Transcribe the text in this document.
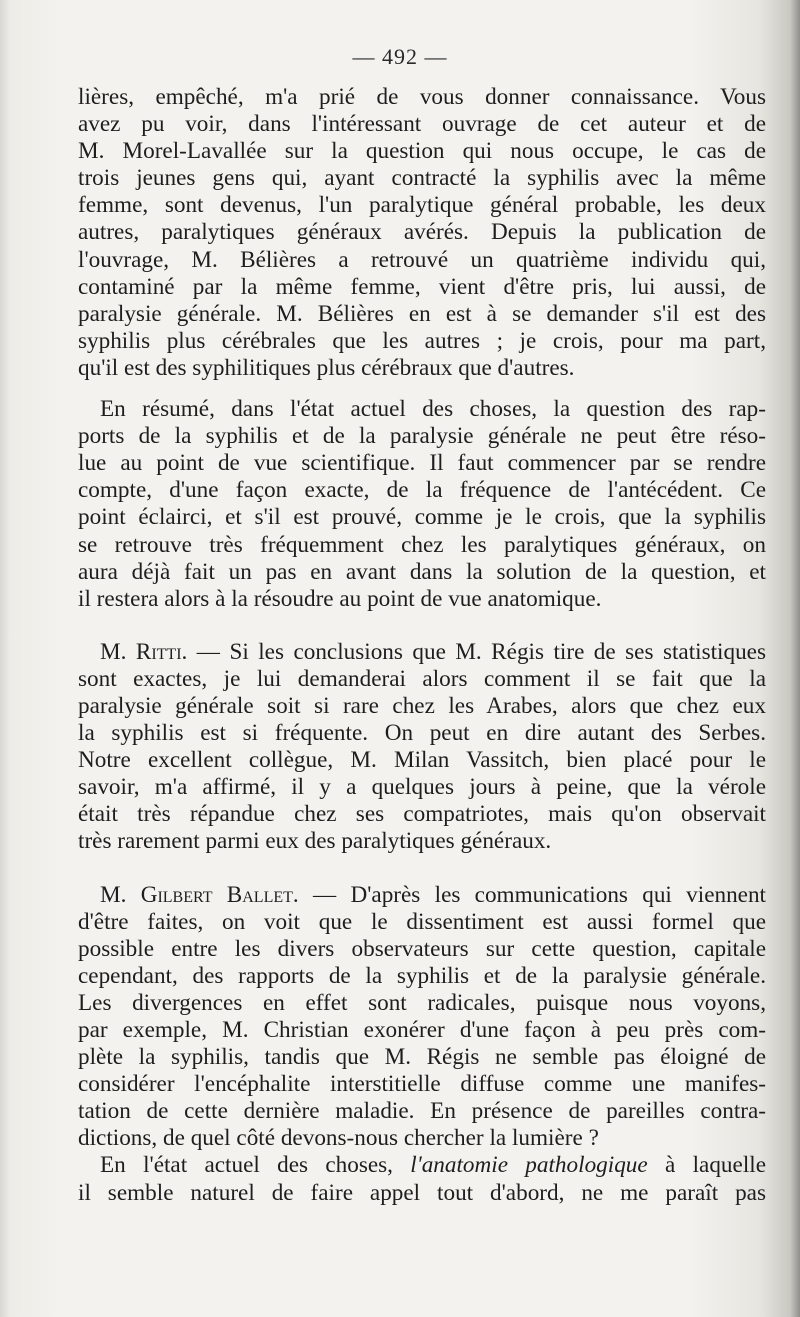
— 492 —
lières, empêché, m'a prié de vous donner connaissance. Vous
avez pu voir, dans l'intéressant ouvrage de cet auteur et de
M. Morel-Lavallée sur la question qui nous occupe, le cas de
trois jeunes gens qui, ayant contracté la syphilis avec la même
femme, sont devenus, l'un paralytique général probable, les deux
autres, paralytiques généraux avérés. Depuis la publication de
l'ouvrage, M. Bélières a retrouvé un quatrième individu qui,
contaminé par la même femme, vient d'être pris, lui aussi, de
paralysie générale. M. Bélières en est à se demander s'il est des
syphilis plus cérébrales que les autres ; je crois, pour ma part,
qu'il est des syphilitiques plus cérébraux que d'autres.
En résumé, dans l'état actuel des choses, la question des rap-
ports de la syphilis et de la paralysie générale ne peut être réso-
lue au point de vue scientifique. Il faut commencer par se rendre
compte, d'une façon exacte, de la fréquence de l'antécédent. Ce
point éclairci, et s'il est prouvé, comme je le crois, que la syphilis
se retrouve très fréquemment chez les paralytiques généraux, on
aura déjà fait un pas en avant dans la solution de la question, et
il restera alors à la résoudre au point de vue anatomique.
M. Ritti. — Si les conclusions que M. Régis tire de ses statistiques
sont exactes, je lui demanderai alors comment il se fait que la
paralysie générale soit si rare chez les Arabes, alors que chez eux
la syphilis est si fréquente. On peut en dire autant des Serbes.
Notre excellent collègue, M. Milan Vassitch, bien placé pour le
savoir, m'a affirmé, il y a quelques jours à peine, que la vérole
était très répandue chez ses compatriotes, mais qu'on observait
très rarement parmi eux des paralytiques généraux.
M. Gilbert Ballet. — D'après les communications qui viennent
d'être faites, on voit que le dissentiment est aussi formel que
possible entre les divers observateurs sur cette question, capitale
cependant, des rapports de la syphilis et de la paralysie générale.
Les divergences en effet sont radicales, puisque nous voyons,
par exemple, M. Christian exonérer d'une façon à peu près com-
plète la syphilis, tandis que M. Régis ne semble pas éloigné de
considérer l'encéphalite interstitielle diffuse comme une manifes-
tation de cette dernière maladie. En présence de pareilles contra-
dictions, de quel côté devons-nous chercher la lumière ?
En l'état actuel des choses, l'anatomie pathologique à laquelle
il semble naturel de faire appel tout d'abord, ne me paraît pas
